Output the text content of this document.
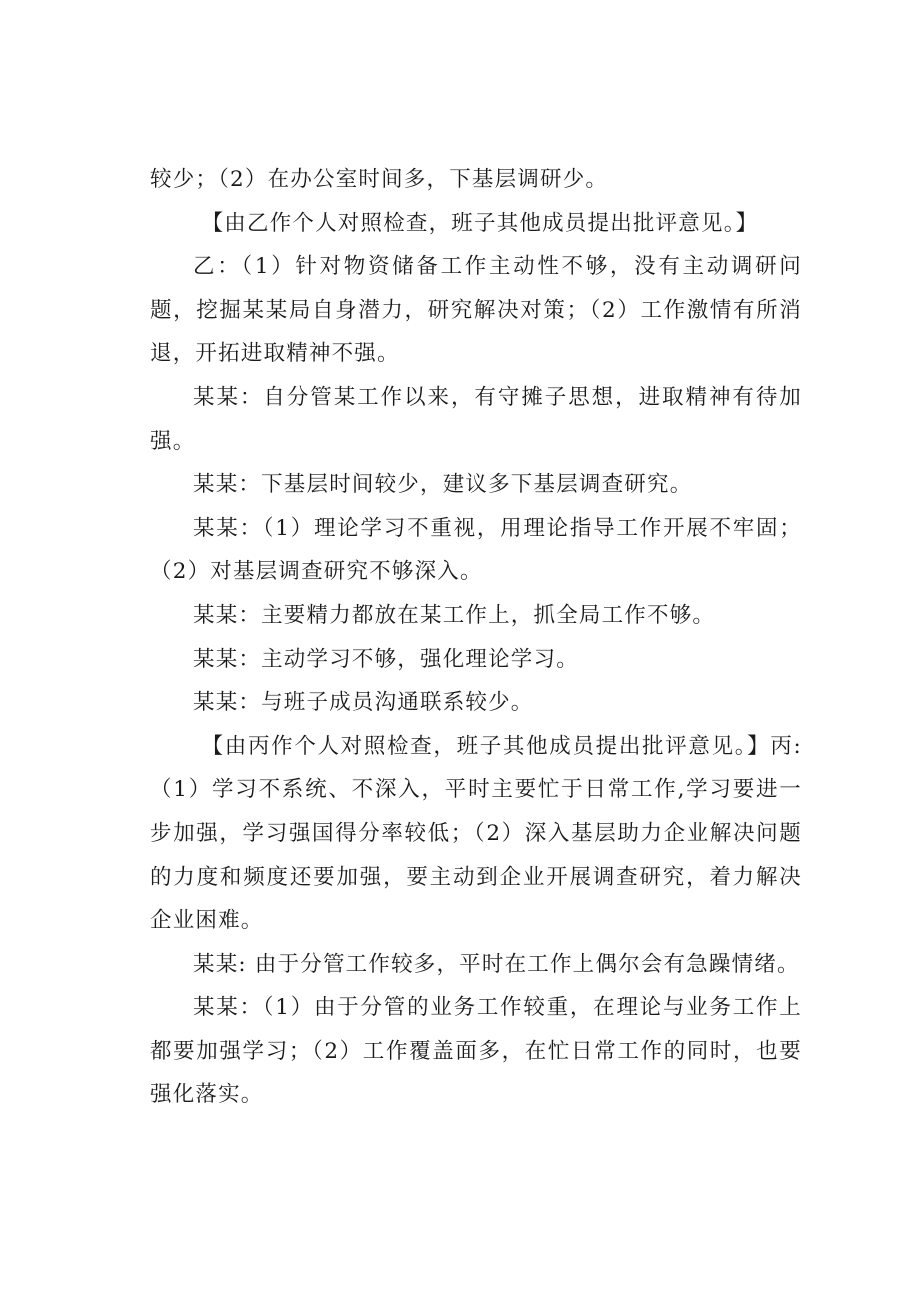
较少；（2）在办公室时间多，下基层调研少。

【由乙作个人对照检查，班子其他成员提出批评意见。】

乙：（1）针对物资储备工作主动性不够，没有主动调研问题，挖掘某某局自身潜力，研究解决对策；（2）工作激情有所消退，开拓进取精神不强。

某某：自分管某工作以来，有守摊子思想，进取精神有待加强。

某某：下基层时间较少，建议多下基层调查研究。

某某：（1）理论学习不重视，用理论指导工作开展不牢固；（2）对基层调查研究不够深入。

某某：主要精力都放在某工作上，抓全局工作不够。

某某：主动学习不够，强化理论学习。

某某：与班子成员沟通联系较少。

【由丙作个人对照检查，班子其他成员提出批评意见。】丙:（1）学习不系统、不深入，平时主要忙于日常工作,学习要进一步加强，学习强国得分率较低；（2）深入基层助力企业解决问题的力度和频度还要加强，要主动到企业开展调查研究，着力解决企业困难。

某某: 由于分管工作较多，平时在工作上偶尔会有急躁情绪。

某某：（1）由于分管的业务工作较重，在理论与业务工作上都要加强学习；（2）工作覆盖面多，在忙日常工作的同时，也要强化落实。
